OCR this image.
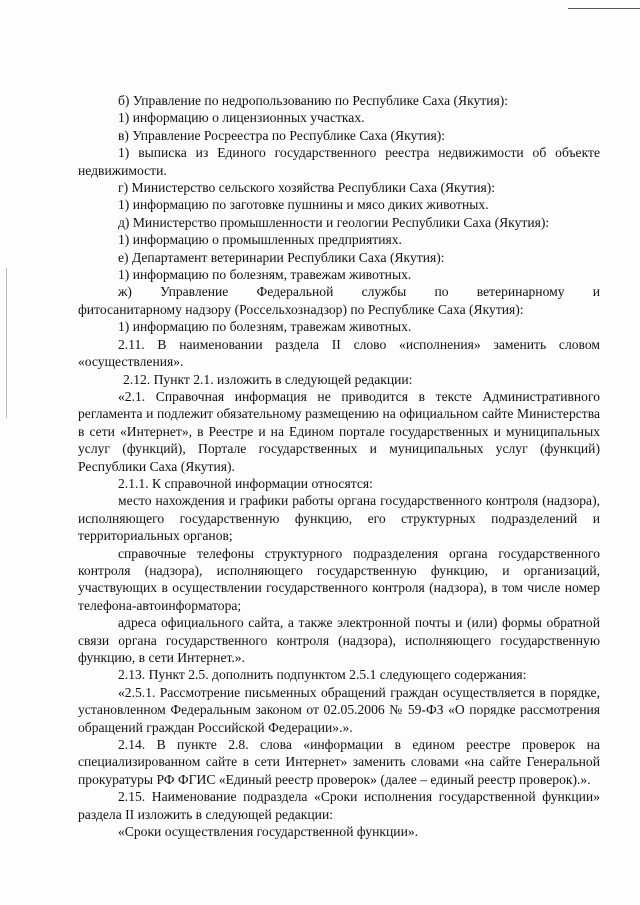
б) Управление по недропользованию по Республике Саха (Якутия):

1) информацию о лицензионных участках.

в) Управление Росреестра по Республике Саха (Якутия):

1) выписка из Единого государственного реестра недвижимости об объекте недвижимости.

г) Министерство сельского хозяйства Республики Саха (Якутия):

1) информацию по заготовке пушнины и мясо диких животных.

д) Министерство промышленности и геологии Республики Саха (Якутия):

1) информацию о промышленных предприятиях.

е) Департамент ветеринарии Республики Саха (Якутия):

1) информацию по болезням, травежам животных.

ж) Управление Федеральной службы по ветеринарному и

фитосанитарному надзору (Россельхознадзор) по Республике Саха (Якутия):

1) информацию по болезням, травежам животных.

2.11. В наименовании раздела II слово «исполнения» заменить словом «осуществления».

2.12. Пункт 2.1. изложить в следующей редакции:

«2.1. Справочная информация не приводится в тексте Административного регламента и подлежит обязательному размещению на официальном сайте Министерства в сети «Интернет», в Реестре и на Едином портале государственных и муниципальных услуг (функций), Портале государственных и муниципальных услуг (функций) Республики Саха (Якутия).

2.1.1. К справочной информации относятся:

место нахождения и графики работы органа государственного контроля (надзора), исполняющего государственную функцию, его структурных подразделений и территориальных органов;

справочные телефоны структурного подразделения органа государственного контроля (надзора), исполняющего государственную функцию, и организаций, участвующих в осуществлении государственного контроля (надзора), в том числе номер телефона-автоинформатора;

адреса официального сайта, а также электронной почты и (или) формы обратной связи органа государственного контроля (надзора), исполняющего государственную функцию, в сети Интернет.».

2.13. Пункт 2.5. дополнить подпунктом 2.5.1 следующего содержания:

«2.5.1. Рассмотрение письменных обращений граждан осуществляется в порядке, установленном Федеральным законом от 02.05.2006 № 59-ФЗ «О порядке рассмотрения обращений граждан Российской Федерации».».

2.14. В пункте 2.8. слова «информации в едином реестре проверок на специализированном сайте в сети Интернет» заменить словами «на сайте Генеральной прокуратуры РФ ФГИС «Единый реестр проверок» (далее – единый реестр проверок).».

2.15. Наименование подраздела «Сроки исполнения государственной функции» раздела II изложить в следующей редакции:

«Сроки осуществления государственной функции».
